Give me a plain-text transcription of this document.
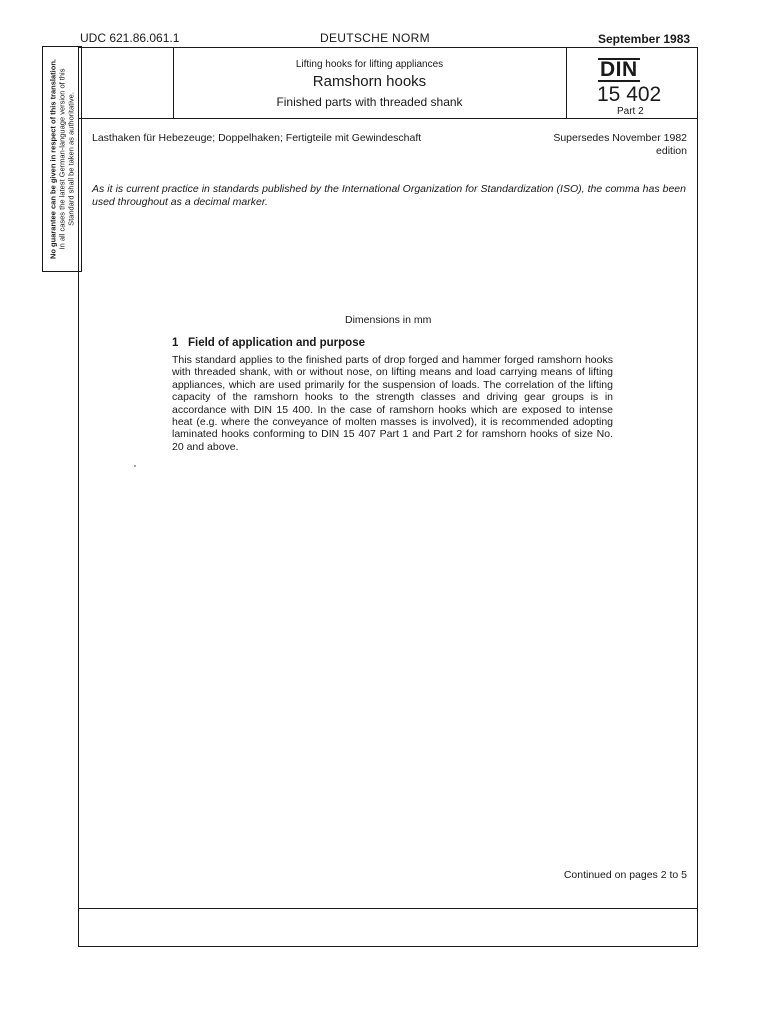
UDC 621.86.061.1	DEUTSCHE NORM	September 1983
Lifting hooks for lifting appliances
Ramshorn hooks
Finished parts with threaded shank
DIN
15 402
Part 2
Lasthaken für Hebezeuge; Doppelhaken; Fertigteile mit Gewindeschaft	Supersedes November 1982
edition
As it is current practice in standards published by the International Organization for Standardization (ISO), the comma has been used throughout as a decimal marker.
Dimensions in mm
1 Field of application and purpose
This standard applies to the finished parts of drop forged and hammer forged ramshorn hooks with threaded shank, with or without nose, on lifting means and load carrying means of lifting appliances, which are used primarily for the suspension of loads. The correlation of the lifting capacity of the ramshorn hooks to the strength classes and driving gear groups is in accordance with DIN 15 400. In the case of ramshorn hooks which are exposed to intense heat (e.g. where the conveyance of molten masses is involved), it is recommended adopting laminated hooks conforming to DIN 15 407 Part 1 and Part 2 for ramshorn hooks of size No. 20 and above.
Continued on pages 2 to 5
No guarantee can be given in respect of this translation. In all cases the latest German-language version of this Standard shall be taken as authoritative.
